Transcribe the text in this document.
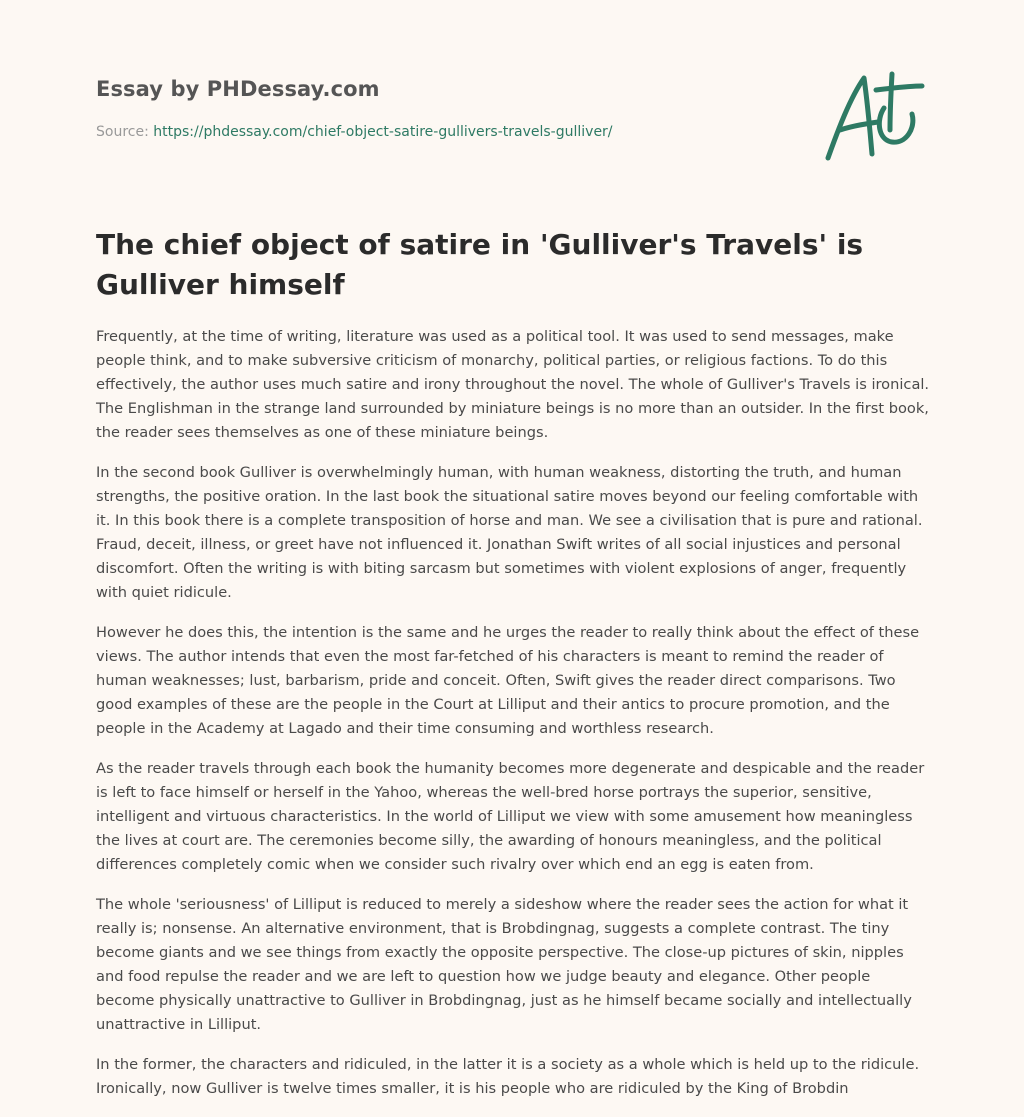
Essay by PHDessay.com
Source: https://phdessay.com/chief-object-satire-gullivers-travels-gulliver/
The chief object of satire in 'Gulliver's Travels' is Gulliver himself

Frequently, at the time of writing, literature was used as a political tool. It was used to send messages, make people think, and to make subversive criticism of monarchy, political parties, or religious factions. To do this effectively, the author uses much satire and irony throughout the novel. The whole of Gulliver's Travels is ironical. The Englishman in the strange land surrounded by miniature beings is no more than an outsider. In the first book, the reader sees themselves as one of these miniature beings.

In the second book Gulliver is overwhelmingly human, with human weakness, distorting the truth, and human strengths, the positive oration. In the last book the situational satire moves beyond our feeling comfortable with it. In this book there is a complete transposition of horse and man. We see a civilisation that is pure and rational. Fraud, deceit, illness, or greet have not influenced it. Jonathan Swift writes of all social injustices and personal discomfort. Often the writing is with biting sarcasm but sometimes with violent explosions of anger, frequently with quiet ridicule.

However he does this, the intention is the same and he urges the reader to really think about the effect of these views. The author intends that even the most far-fetched of his characters is meant to remind the reader of human weaknesses; lust, barbarism, pride and conceit. Often, Swift gives the reader direct comparisons. Two good examples of these are the people in the Court at Lilliput and their antics to procure promotion, and the people in the Academy at Lagado and their time consuming and worthless research.

As the reader travels through each book the humanity becomes more degenerate and despicable and the reader is left to face himself or herself in the Yahoo, whereas the well-bred horse portrays the superior, sensitive, intelligent and virtuous characteristics. In the world of Lilliput we view with some amusement how meaningless the lives at court are. The ceremonies become silly, the awarding of honours meaningless, and the political differences completely comic when we consider such rivalry over which end an egg is eaten from.

The whole 'seriousness' of Lilliput is reduced to merely a sideshow where the reader sees the action for what it really is; nonsense. An alternative environment, that is Brobdingnag, suggests a complete contrast. The tiny become giants and we see things from exactly the opposite perspective. The close-up pictures of skin, nipples and food repulse the reader and we are left to question how we judge beauty and elegance. Other people become physically unattractive to Gulliver in Brobdingnag, just as he himself became socially and intellectually unattractive in Lilliput.

In the former, the characters and ridiculed, in the latter it is a society as a whole which is held up to the ridicule. Ironically, now Gulliver is twelve times smaller, it is his people who are ridiculed by the King of Brobdin
